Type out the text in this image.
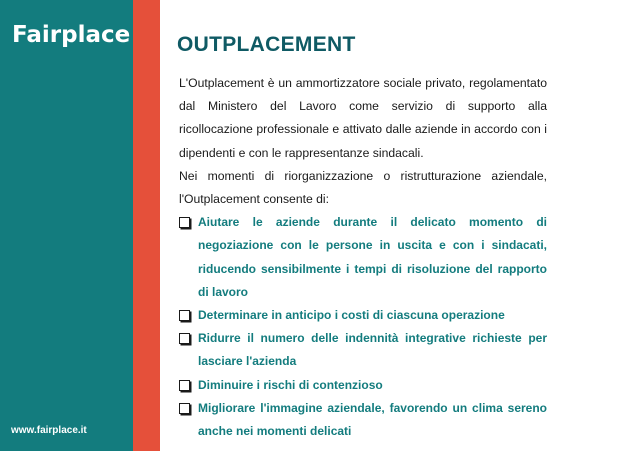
Fairplace
www.fairplace.it
OUTPLACEMENT

L'Outplacement è un ammortizzatore sociale privato, regolamentato dal Ministero del Lavoro come servizio di supporto alla ricollocazione professionale e attivato dalle aziende in accordo con i dipendenti e con le rappresentanze sindacali.

Nei momenti di riorganizzazione o ristrutturazione aziendale, l'Outplacement consente di:

Aiutare le aziende durante il delicato momento di negoziazione con le persone in uscita e con i sindacati, riducendo sensibilmente i tempi di risoluzione del rapporto di lavoro
Determinare in anticipo i costi di ciascuna operazione
Ridurre il numero delle indennità integrative richieste per lasciare l'azienda
Diminuire i rischi di contenzioso
Migliorare l'immagine aziendale, favorendo un clima sereno anche nei momenti delicati
